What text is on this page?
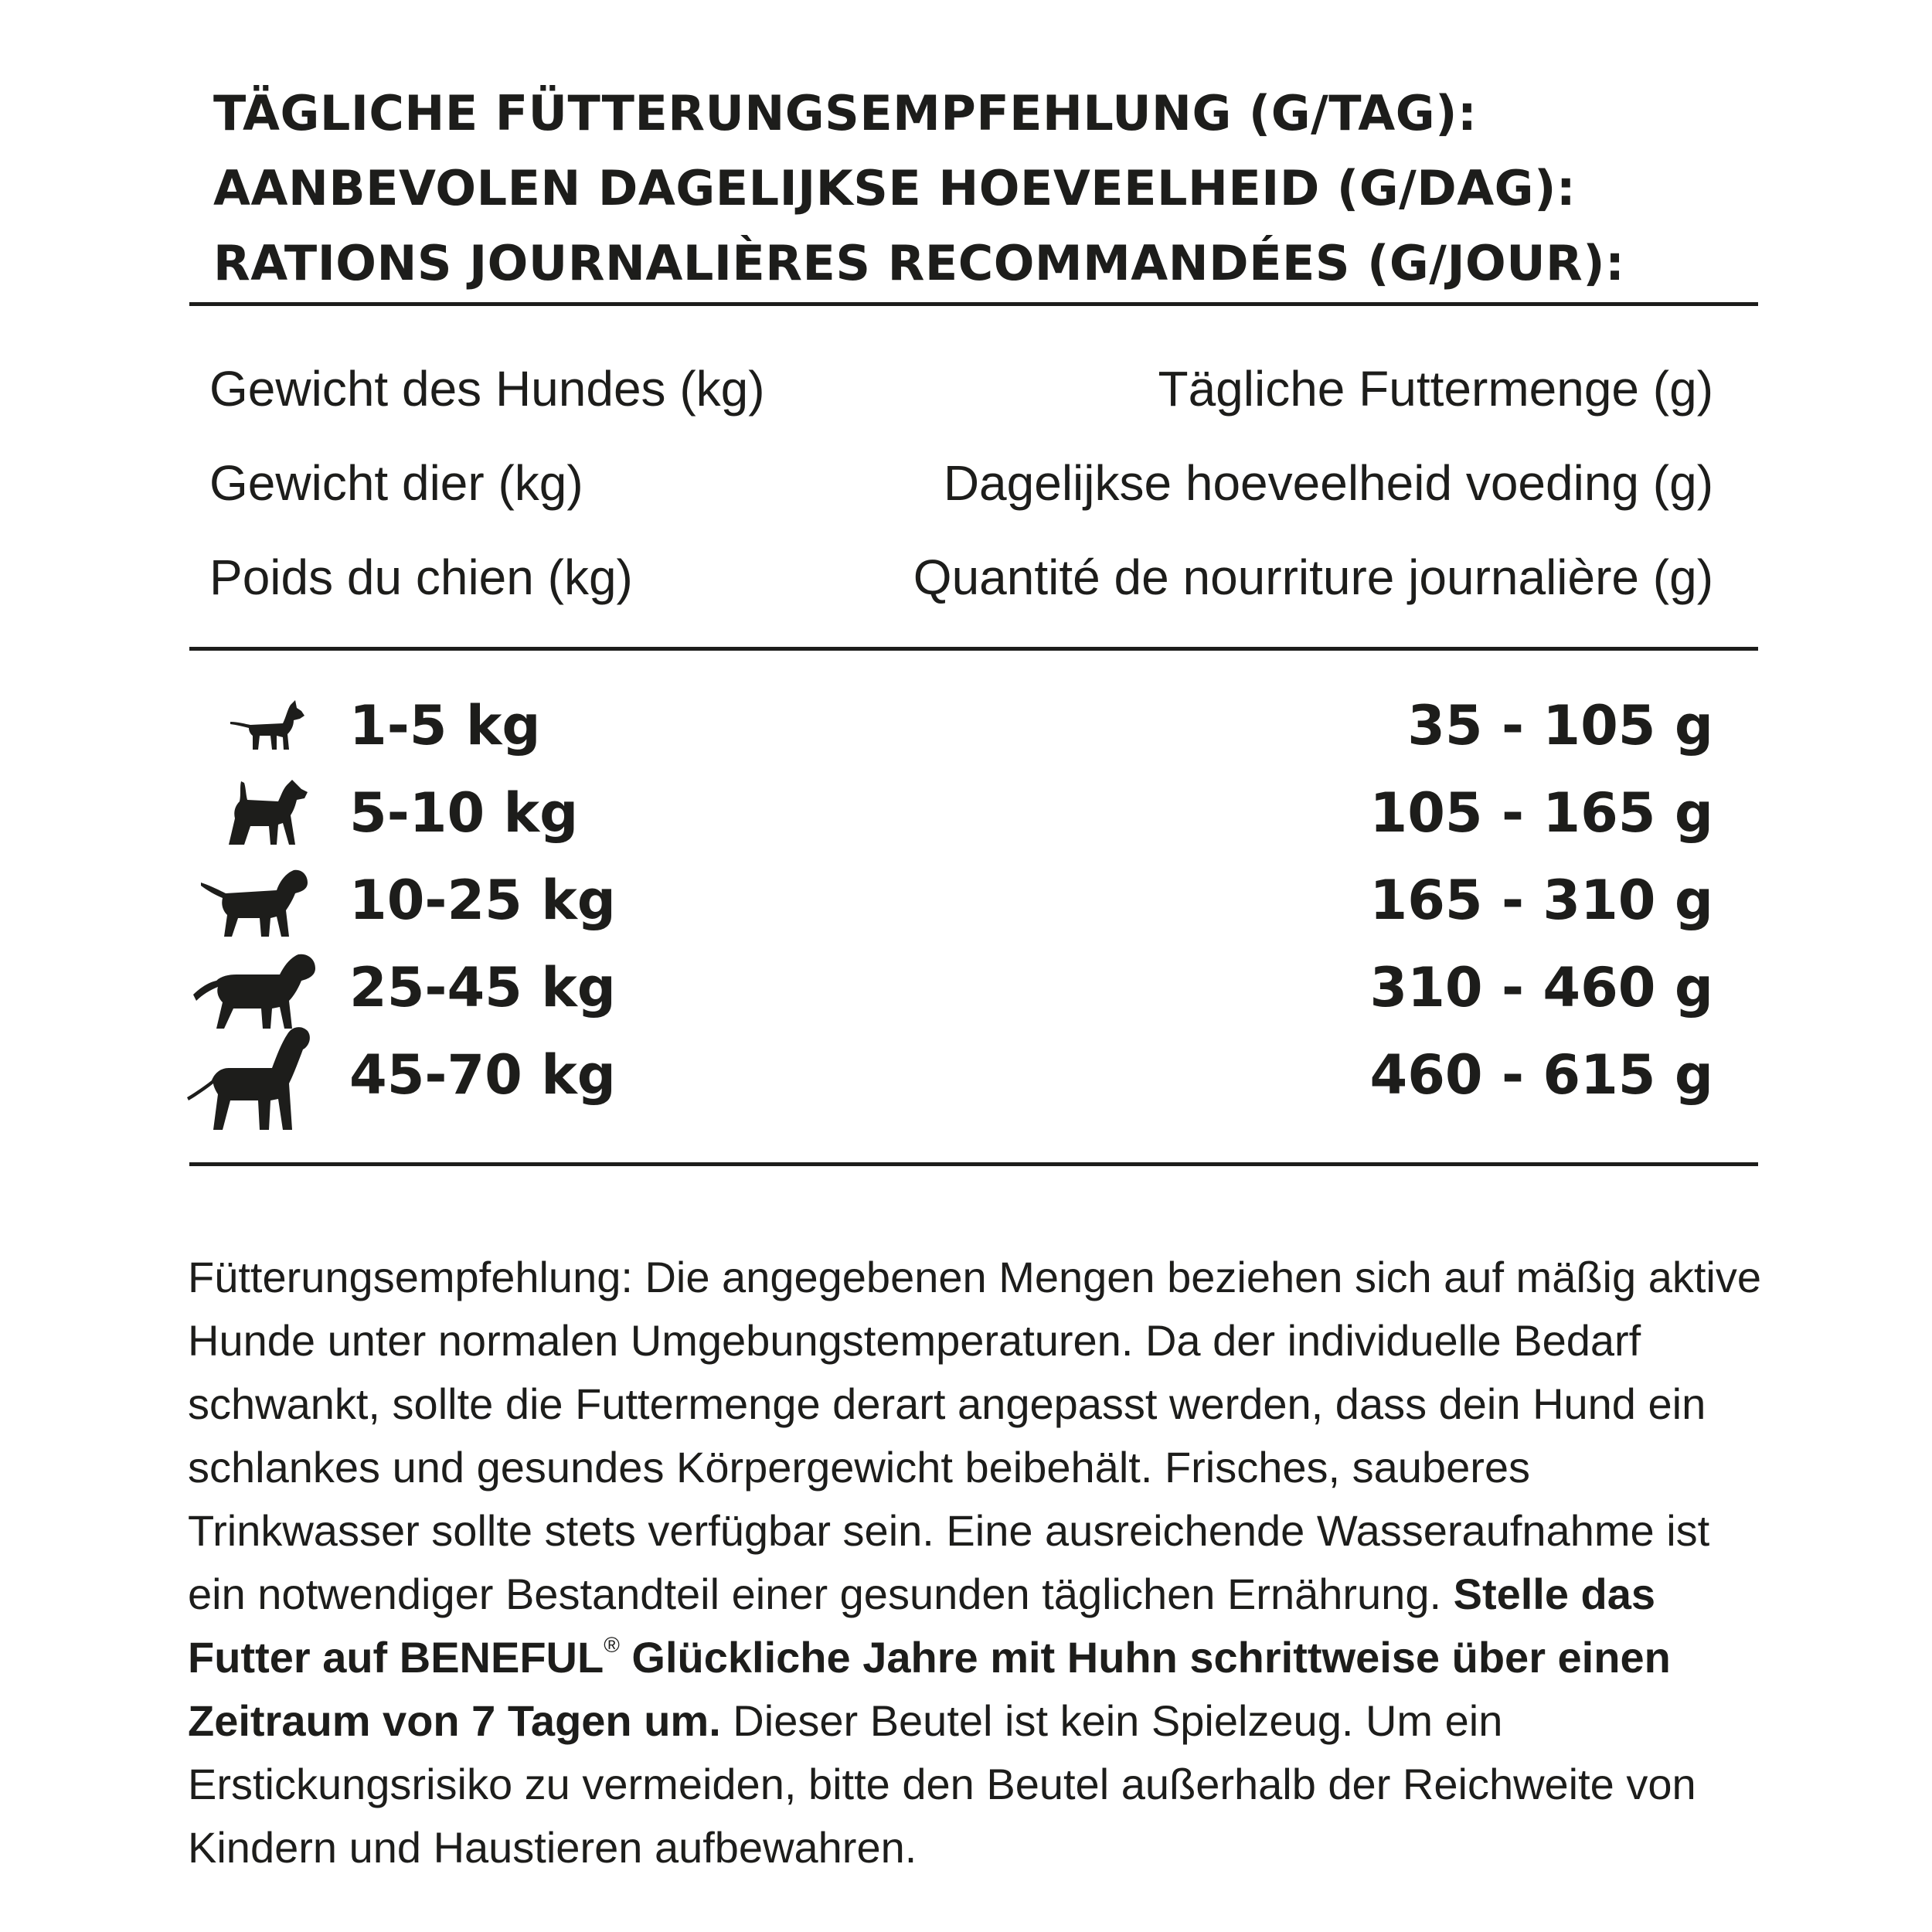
TÄGLICHE FÜTTERUNGSEMPFEHLUNG (G/TAG):
AANBEVOLEN DAGELIJKSE HOEVEELHEID (G/DAG):
RATIONS JOURNALIÈRES RECOMMANDÉES (G/JOUR):
Gewicht des Hundes (kg)	Tägliche Futtermenge (g)
Gewicht dier (kg)	Dagelijkse hoeveelheid voeding (g)
Poids du chien (kg)	Quantité de nourriture journalière (g)
1-5 kg	35 - 105 g
5-10 kg	105 - 165 g
10-25 kg	165 - 310 g
25-45 kg	310 - 460 g
45-70 kg	460 - 615 g

Fütterungsempfehlung: Die angegebenen Mengen beziehen sich auf mäßig aktive Hunde unter normalen Umgebungstemperaturen. Da der individuelle Bedarf schwankt, sollte die Futtermenge derart angepasst werden, dass dein Hund ein schlankes und gesundes Körpergewicht beibehält. Frisches, sauberes Trinkwasser sollte stets verfügbar sein. Eine ausreichende Wasseraufnahme ist ein notwendiger Bestandteil einer gesunden täglichen Ernährung. Stelle das Futter auf BENEFUL® Glückliche Jahre mit Huhn schrittweise über einen Zeitraum von 7 Tagen um. Dieser Beutel ist kein Spielzeug. Um ein Erstickungsrisiko zu vermeiden, bitte den Beutel außerhalb der Reichweite von Kindern und Haustieren aufbewahren.
